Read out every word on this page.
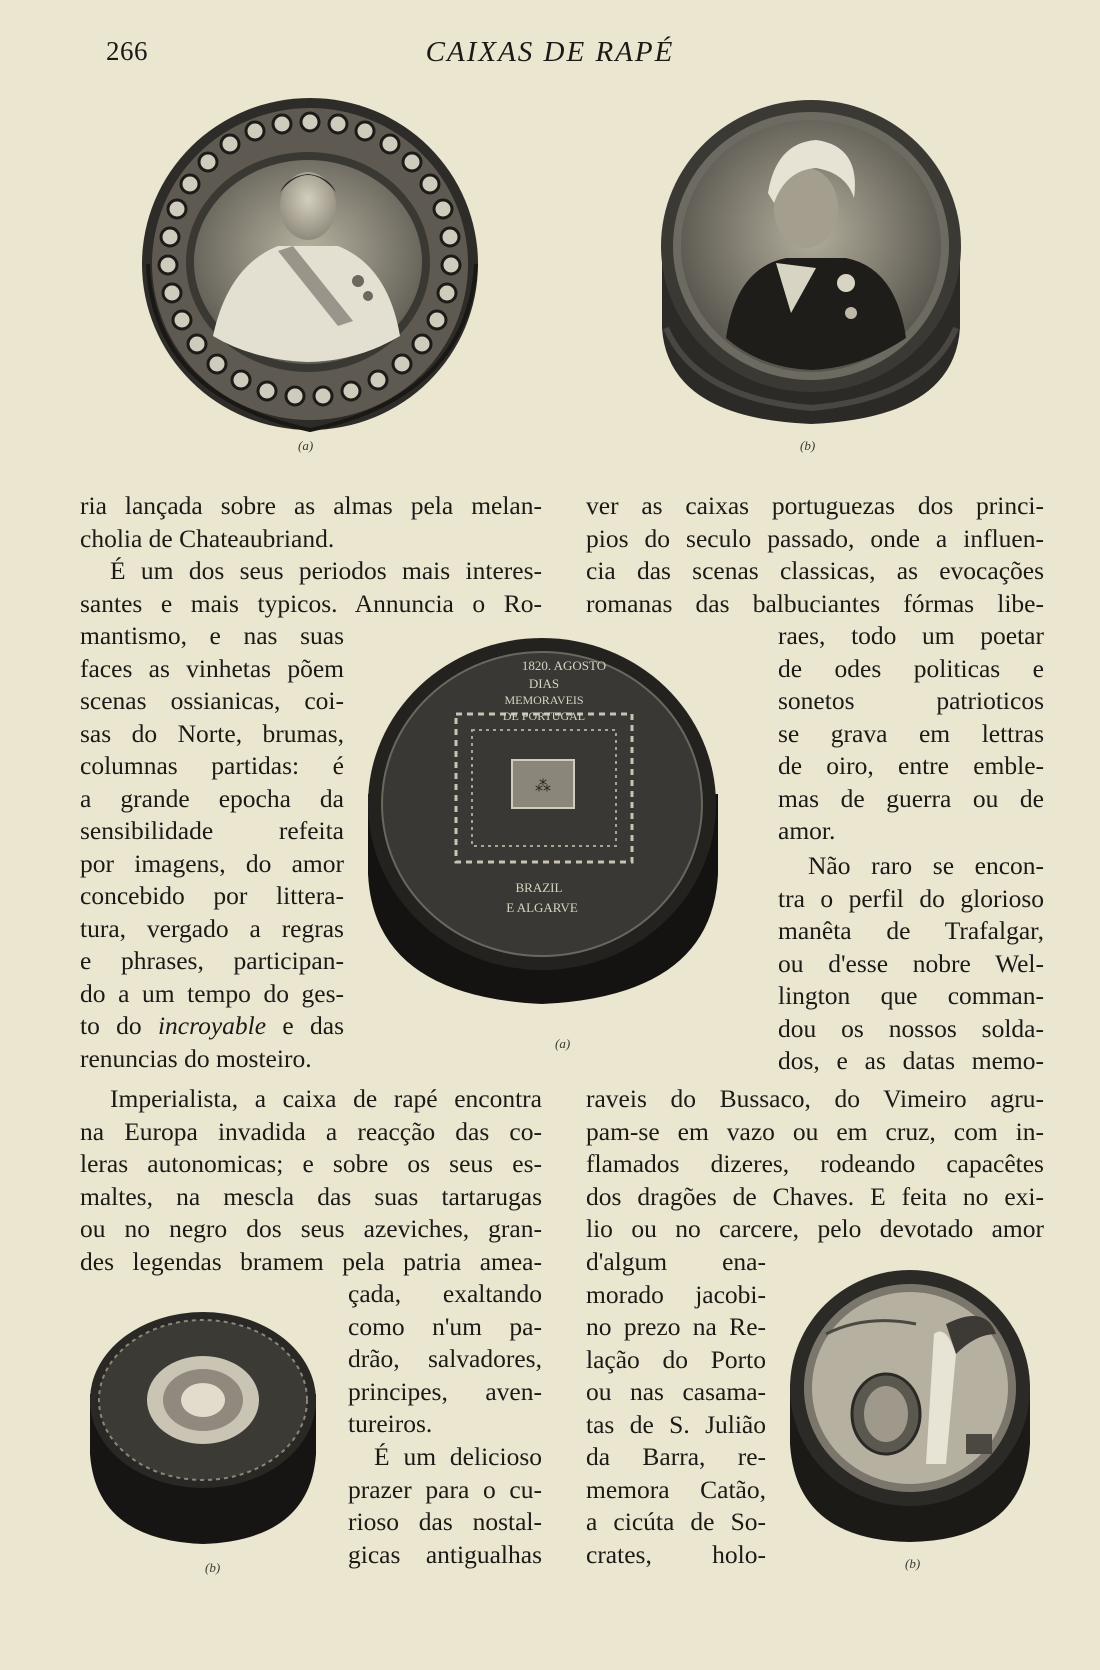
266	CAIXAS DE RAPÉ
(a)	(b)
⁂
1820. AGOSTO
DIAS
MEMORAVEIS
DE PORTUGAL
BRAZIL
E ALGARVE
(a)
(b)	(b)
ria lançada sobre as almas pela melan-
cholia de Chateaubriand.
É um dos seus periodos mais interes-
santes e mais typicos. Annuncia o Ro-
mantismo, e nas suas
faces as vinhetas põem
scenas ossianicas, coi-
sas do Norte, brumas,
columnas partidas: é
a grande epocha da
sensibilidade refeita
por imagens, do amor
concebido por littera-
tura, vergado a regras
e phrases, participan-
do a um tempo do ges-
to do incroyable e das
renuncias do mosteiro.
Imperialista, a caixa de rapé encontra
na Europa invadida a reacção das co-
leras autonomicas; e sobre os seus es-
maltes, na mescla das suas tartarugas
ou no negro dos seus azeviches, gran-
des legendas bramem pela patria amea-
çada, exaltando
como n'um pa-
drão, salvadores,
principes, aven-
tureiros.
É um delicioso
prazer para o cu-
rioso das nostal-
gicas antigualhas
ver as caixas portuguezas dos princi-
pios do seculo passado, onde a influen-
cia das scenas classicas, as evocações
romanas das balbuciantes fórmas libe-
raes, todo um poetar
de odes politicas e
sonetos patrioticos
se grava em lettras
de oiro, entre emble-
mas de guerra ou de
amor.
Não raro se encon-
tra o perfil do glorioso
manêta de Trafalgar,
ou d'esse nobre Wel-
lington que comman-
dou os nossos solda-
dos, e as datas memo-
raveis do Bussaco, do Vimeiro agru-
pam-se em vazo ou em cruz, com in-
flamados dizeres, rodeando capacêtes
dos dragões de Chaves. E feita no exi-
lio ou no carcere, pelo devotado amor
d'algum ena-
morado jacobi-
no prezo na Re-
lação do Porto
ou nas casama-
tas de S. Julião
da Barra, re-
memora Catão,
a cicúta de So-
crates, holo-
